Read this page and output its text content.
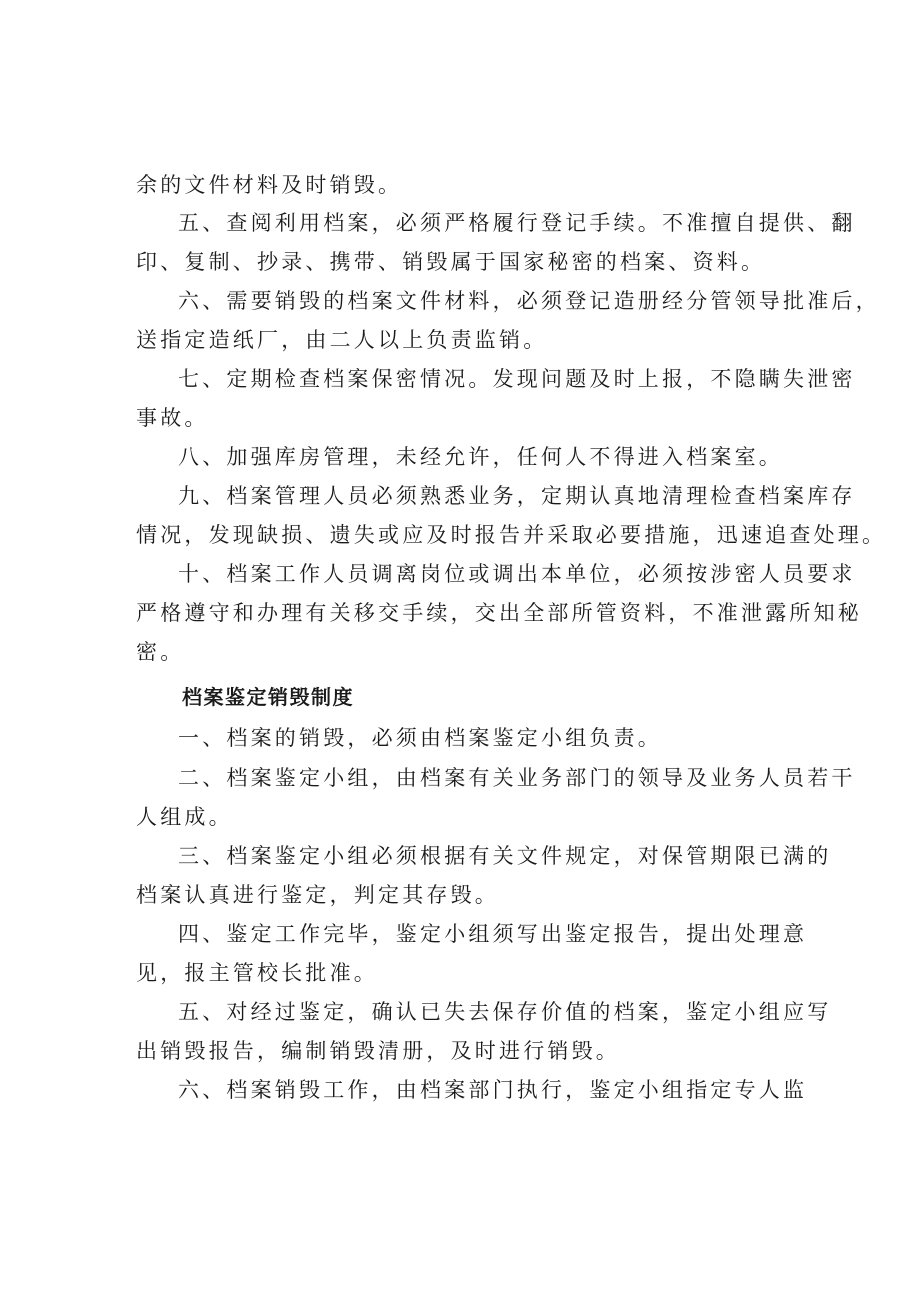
余的文件材料及时销毁。
五、查阅利用档案，必须严格履行登记手续。不准擅自提供、翻
印、复制、抄录、携带、销毁属于国家秘密的档案、资料。
六、需要销毁的档案文件材料，必须登记造册经分管领导批准后，
送指定造纸厂，由二人以上负责监销。
七、定期检查档案保密情况。发现问题及时上报，不隐瞒失泄密
事故。
八、加强库房管理，未经允许，任何人不得进入档案室。
九、档案管理人员必须熟悉业务，定期认真地清理检查档案库存
情况，发现缺损、遗失或应及时报告并采取必要措施，迅速追查处理。
十、档案工作人员调离岗位或调出本单位，必须按涉密人员要求
严格遵守和办理有关移交手续，交出全部所管资料，不准泄露所知秘
密。
档案鉴定销毁制度
一、档案的销毁，必须由档案鉴定小组负责。
二、档案鉴定小组，由档案有关业务部门的领导及业务人员若干
人组成。
三、档案鉴定小组必须根据有关文件规定，对保管期限已满的
档案认真进行鉴定，判定其存毁。
四、鉴定工作完毕，鉴定小组须写出鉴定报告，提出处理意
见，报主管校长批准。
五、对经过鉴定，确认已失去保存价值的档案，鉴定小组应写
出销毁报告，编制销毁清册，及时进行销毁。
六、档案销毁工作，由档案部门执行，鉴定小组指定专人监
